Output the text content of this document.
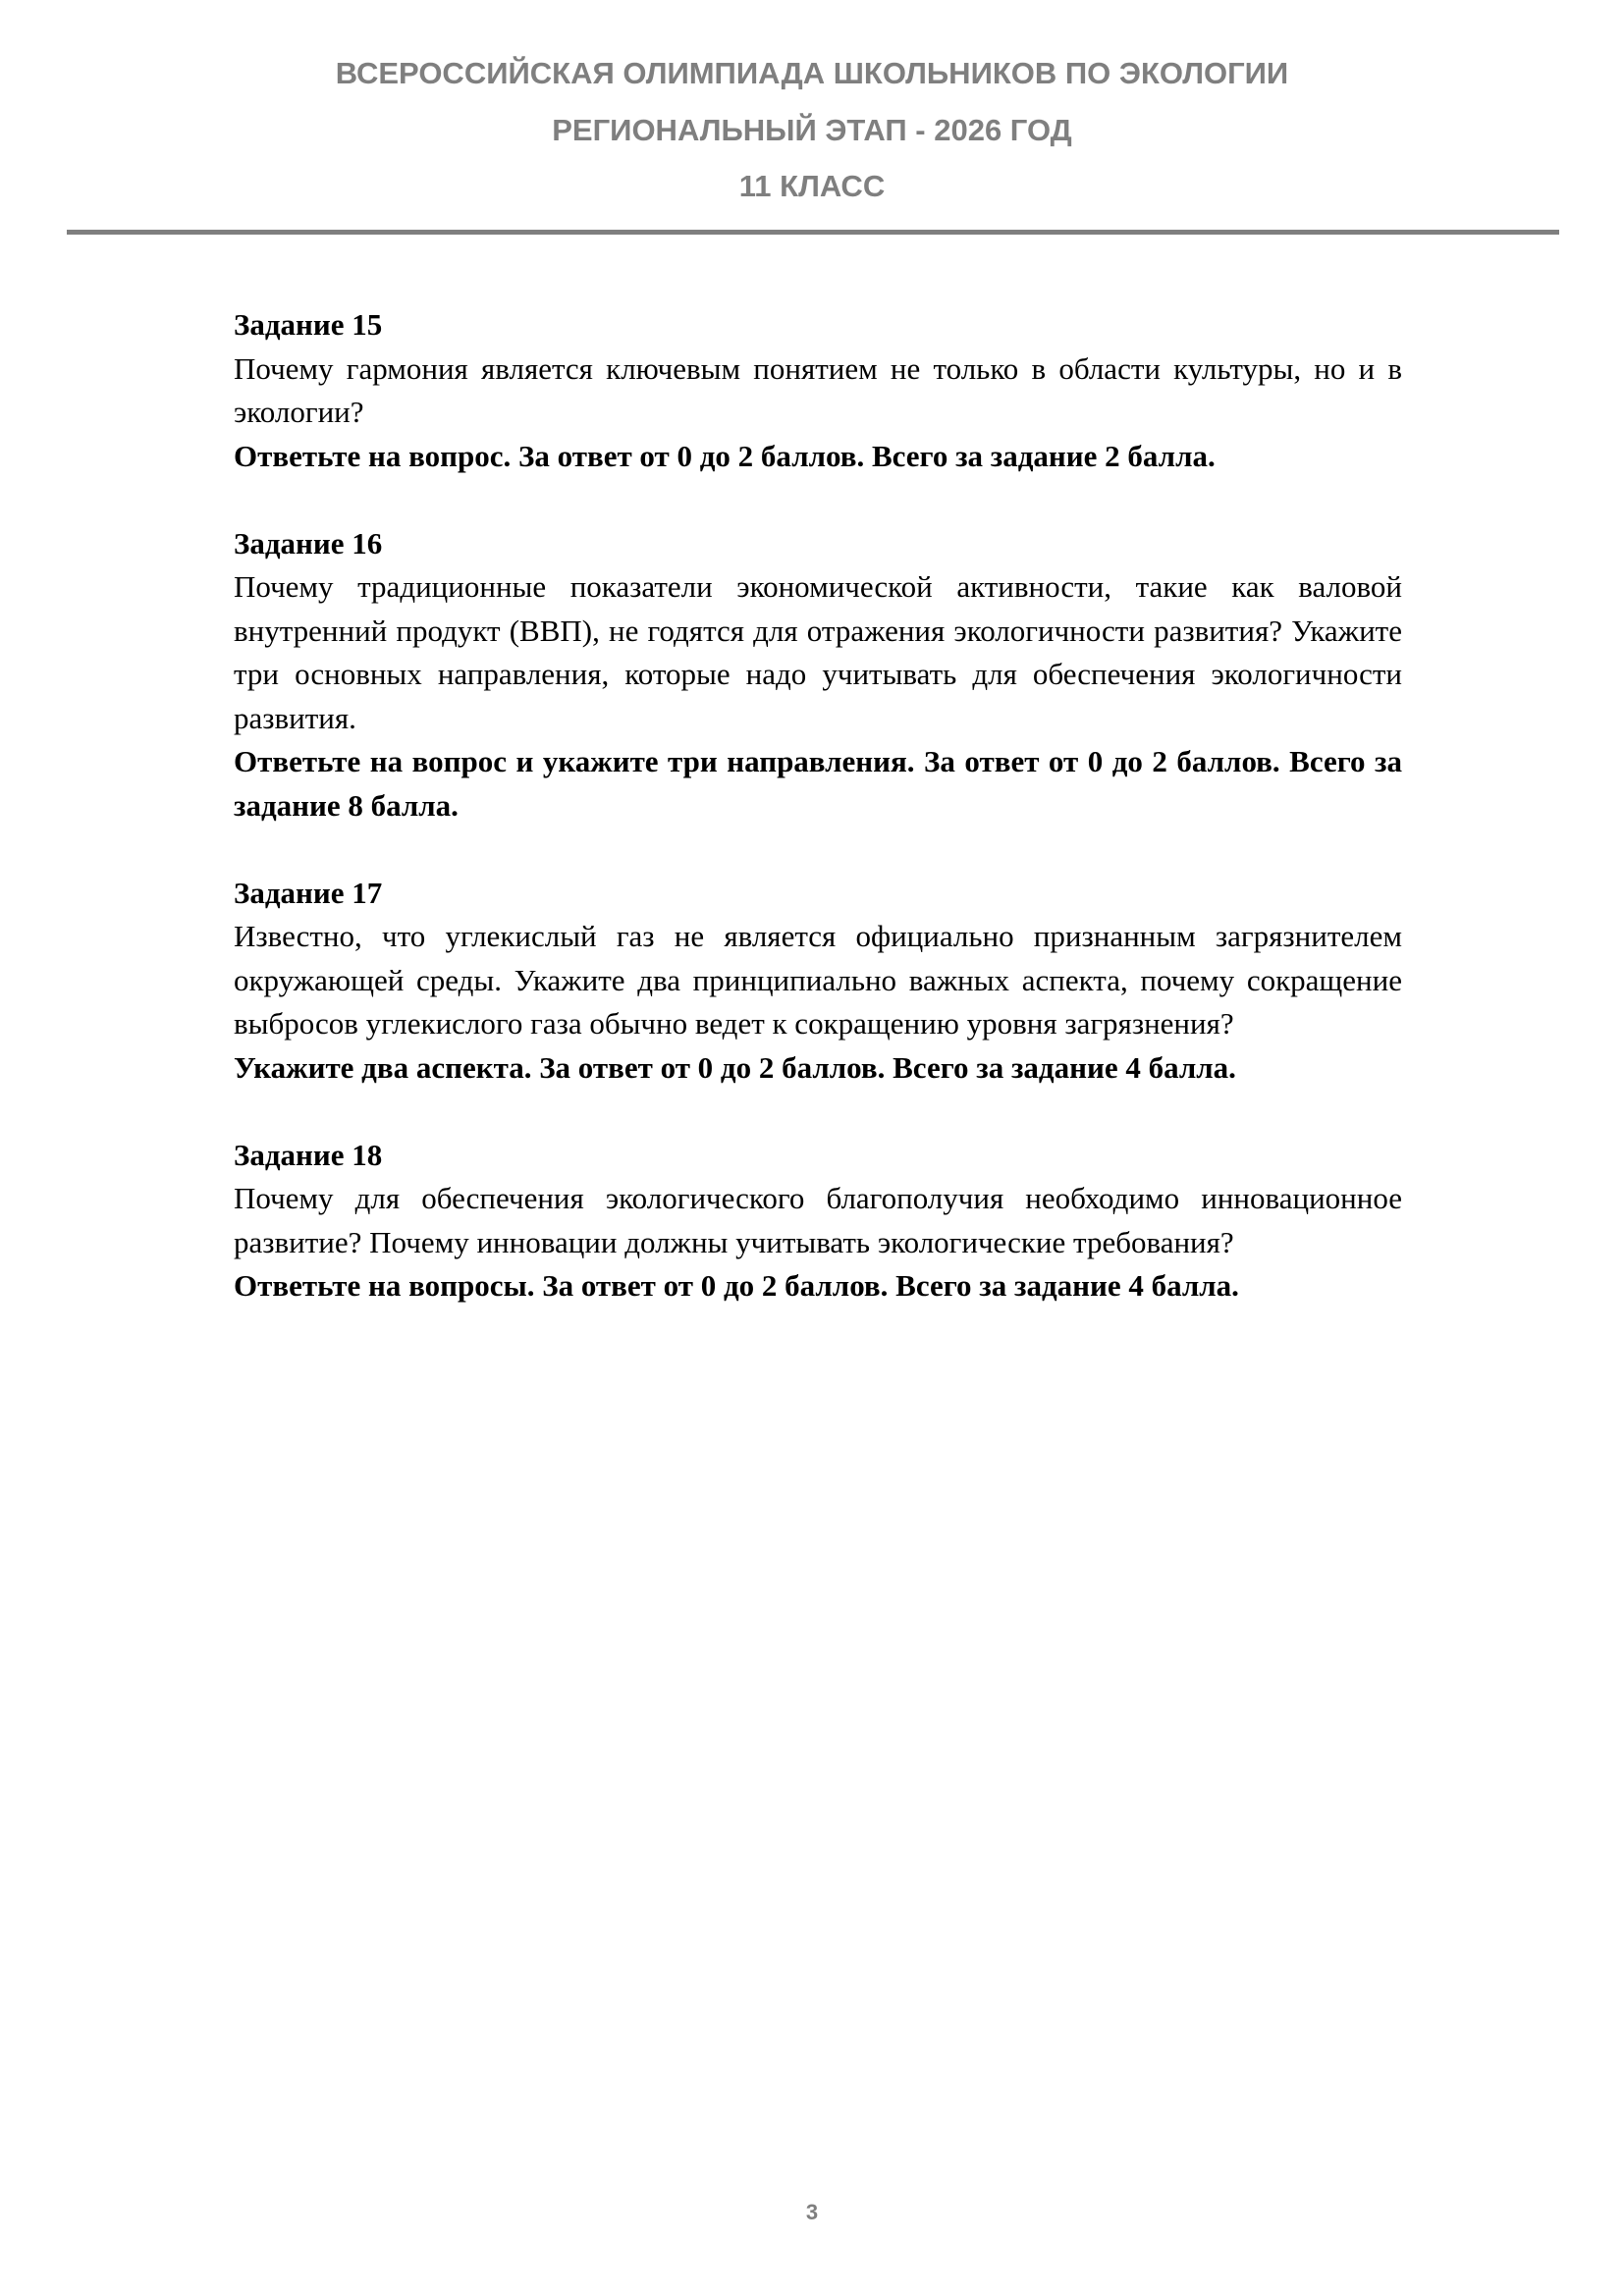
ВСЕРОССИЙСКАЯ ОЛИМПИАДА ШКОЛЬНИКОВ ПО ЭКОЛОГИИ
РЕГИОНАЛЬНЫЙ ЭТАП - 2026 ГОД
11 КЛАСС

Задание 15

Почему гармония является ключевым понятием не только в области культуры, но и в экологии?

Ответьте на вопрос. За ответ от 0 до 2 баллов. Всего за задание 2 балла.

Задание 16

Почему традиционные показатели экономической активности, такие как валовой внутренний продукт (ВВП), не годятся для отражения экологичности развития? Укажите три основных направления, которые надо учитывать для обеспечения экологичности развития.

Ответьте на вопрос и укажите три направления. За ответ от 0 до 2 баллов. Всего за задание 8 балла.

Задание 17

Известно, что углекислый газ не является официально признанным загрязнителем окружающей среды. Укажите два принципиально важных аспекта, почему сокращение выбросов углекислого газа обычно ведет к сокращению уровня загрязнения?

Укажите два аспекта. За ответ от 0 до 2 баллов. Всего за задание 4 балла.

Задание 18

Почему для обеспечения экологического благополучия необходимо инновационное развитие? Почему инновации должны учитывать экологические требования?

Ответьте на вопросы. За ответ от 0 до 2 баллов. Всего за задание 4 балла.

3
